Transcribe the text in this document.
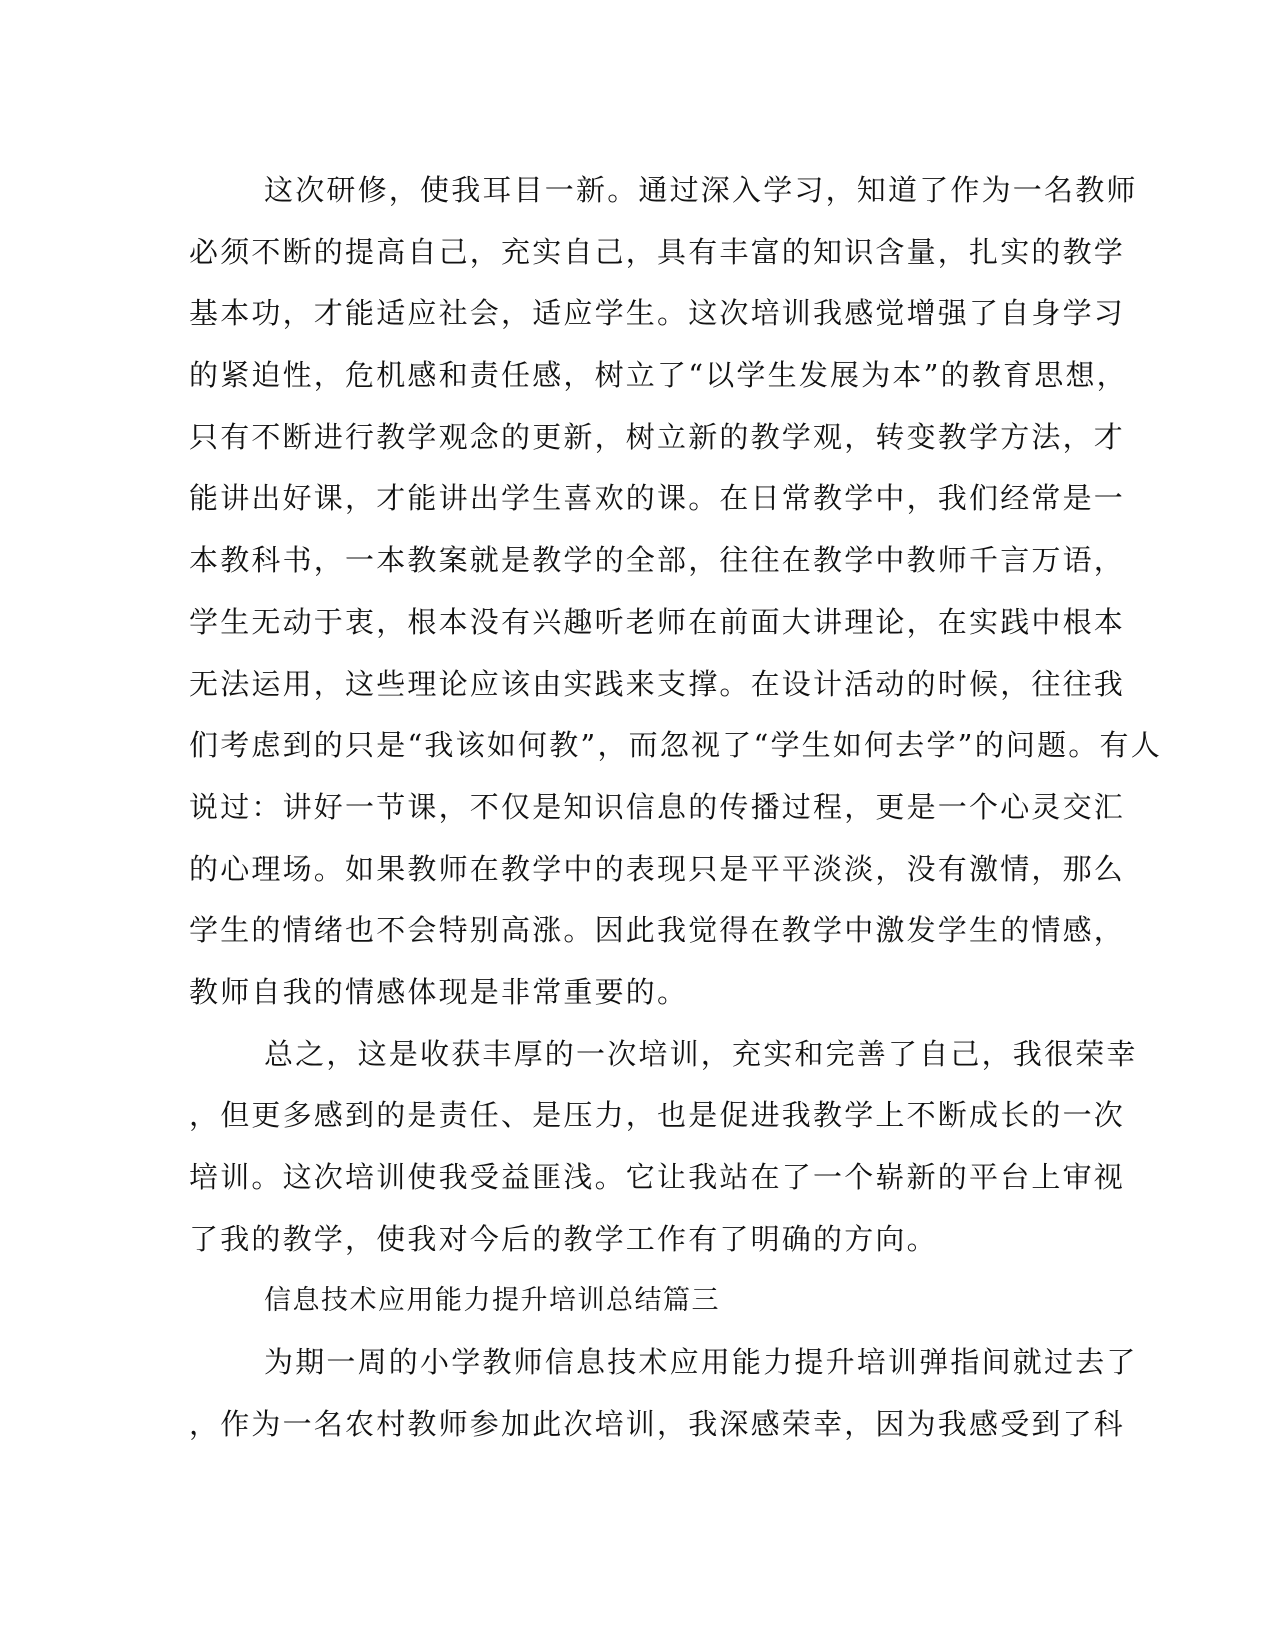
这次研修，使我耳目一新。通过深入学习，知道了作为一名教师
必须不断的提高自己，充实自己，具有丰富的知识含量，扎实的教学
基本功，才能适应社会，适应学生。这次培训我感觉增强了自身学习
的紧迫性，危机感和责任感，树立了“以学生发展为本”的教育思想，
只有不断进行教学观念的更新，树立新的教学观，转变教学方法，才
能讲出好课，才能讲出学生喜欢的课。在日常教学中，我们经常是一
本教科书，一本教案就是教学的全部，往往在教学中教师千言万语，
学生无动于衷，根本没有兴趣听老师在前面大讲理论，在实践中根本
无法运用，这些理论应该由实践来支撑。在设计活动的时候，往往我
们考虑到的只是“我该如何教”，而忽视了“学生如何去学”的问题。有人
说过：讲好一节课，不仅是知识信息的传播过程，更是一个心灵交汇
的心理场。如果教师在教学中的表现只是平平淡淡，没有激情，那么
学生的情绪也不会特别高涨。因此我觉得在教学中激发学生的情感，
教师自我的情感体现是非常重要的。
总之，这是收获丰厚的一次培训，充实和完善了自己，我很荣幸
，但更多感到的是责任、是压力，也是促进我教学上不断成长的一次
培训。这次培训使我受益匪浅。它让我站在了一个崭新的平台上审视
了我的教学，使我对今后的教学工作有了明确的方向。
信息技术应用能力提升培训总结篇三
为期一周的小学教师信息技术应用能力提升培训弹指间就过去了
，作为一名农村教师参加此次培训，我深感荣幸，因为我感受到了科
